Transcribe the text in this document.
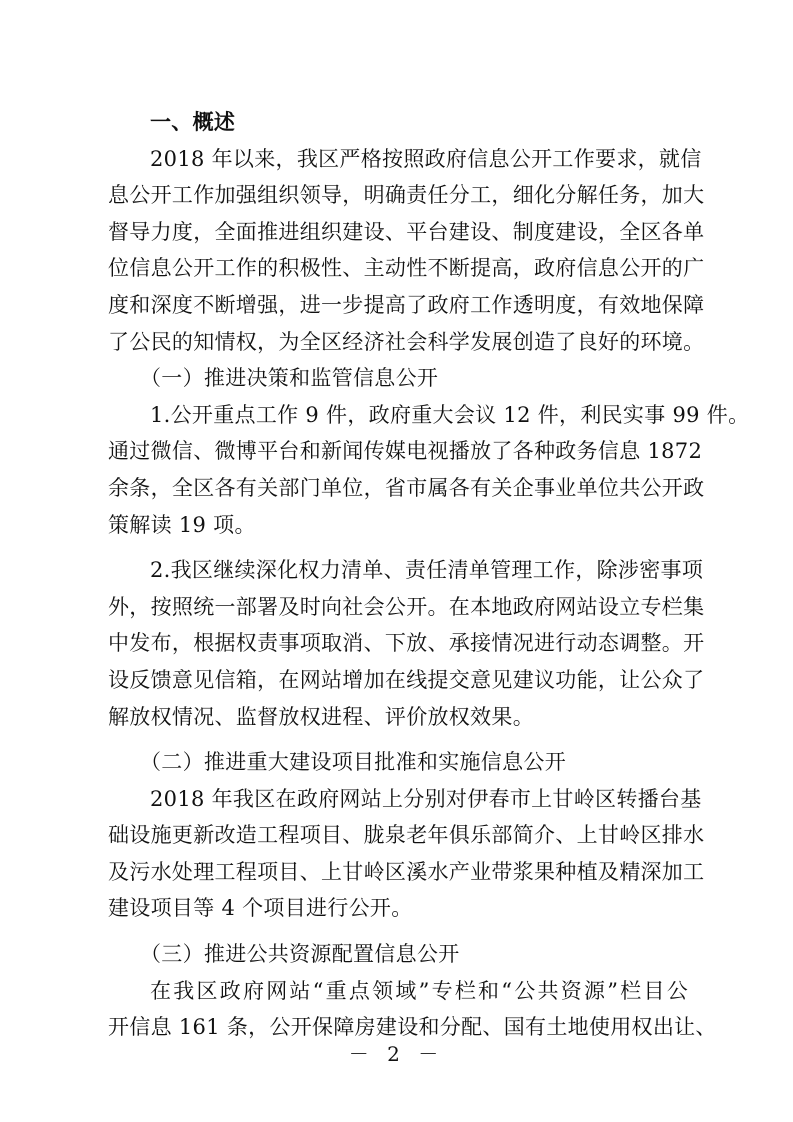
一、概述
2018 年以来，我区严格按照政府信息公开工作要求，就信
息公开工作加强组织领导，明确责任分工，细化分解任务，加大
督导力度，全面推进组织建设、平台建设、制度建设，全区各单
位信息公开工作的积极性、主动性不断提高，政府信息公开的广
度和深度不断增强，进一步提高了政府工作透明度，有效地保障
了公民的知情权，为全区经济社会科学发展创造了良好的环境。
（一）推进决策和监管信息公开
1.公开重点工作 9 件，政府重大会议 12 件，利民实事 99 件。
通过微信、微博平台和新闻传媒电视播放了各种政务信息 1872
余条，全区各有关部门单位，省市属各有关企事业单位共公开政
策解读 19 项。
2.我区继续深化权力清单、责任清单管理工作，除涉密事项
外，按照统一部署及时向社会公开。在本地政府网站设立专栏集
中发布，根据权责事项取消、下放、承接情况进行动态调整。开
设反馈意见信箱，在网站增加在线提交意见建议功能，让公众了
解放权情况、监督放权进程、评价放权效果。
（二）推进重大建设项目批准和实施信息公开
2018 年我区在政府网站上分别对伊春市上甘岭区转播台基
础设施更新改造工程项目、胧泉老年俱乐部简介、上甘岭区排水
及污水处理工程项目、上甘岭区溪水产业带浆果种植及精深加工
建设项目等 4 个项目进行公开。
（三）推进公共资源配置信息公开
在我区政府网站“重点领域”专栏和“公共资源”栏目公
开信息 161 条，公开保障房建设和分配、国有土地使用权出让、
－ 2 －
